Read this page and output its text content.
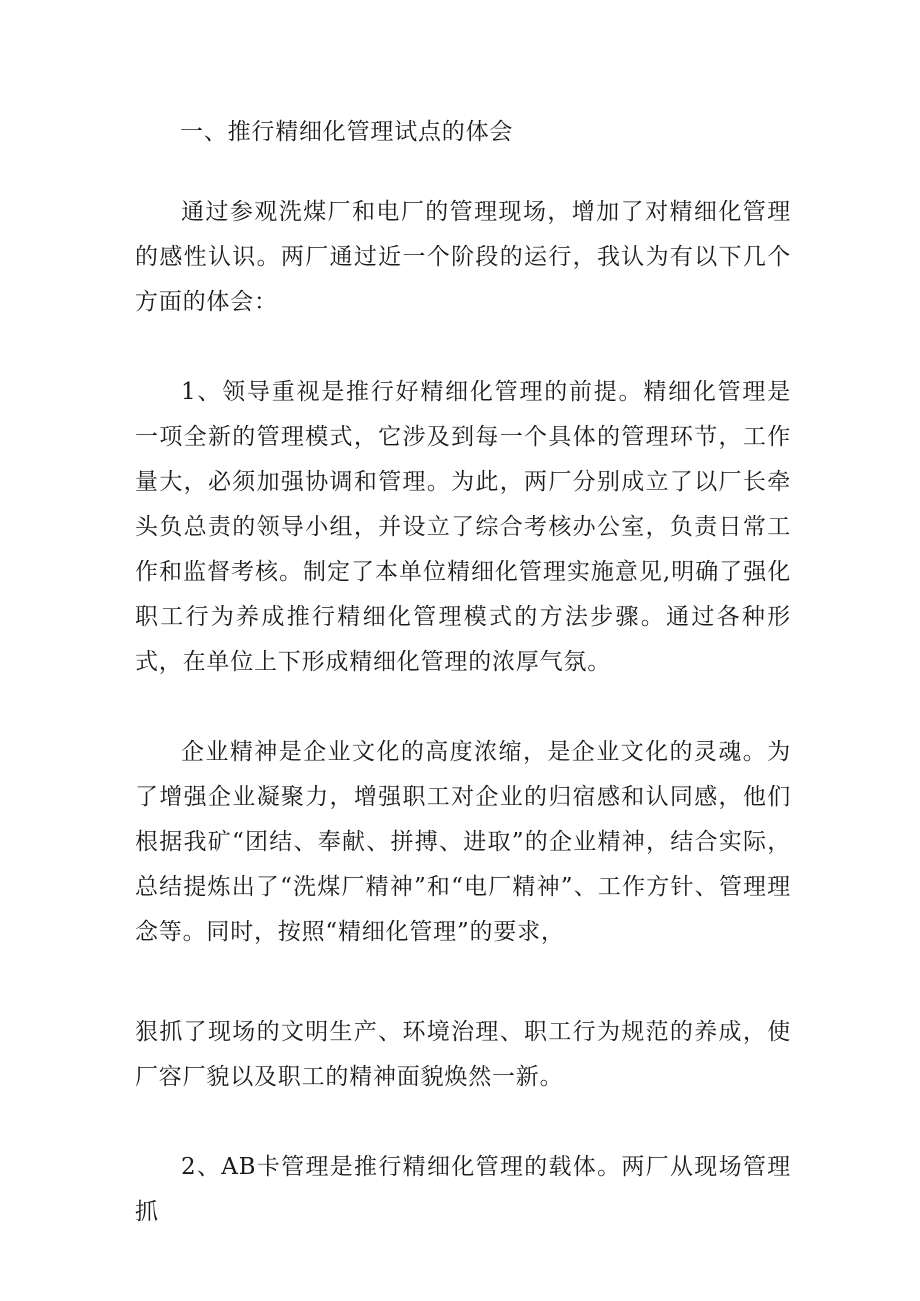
一、推行精细化管理试点的体会

通过参观洗煤厂和电厂的管理现场，增加了对精细化管理的感性认识。两厂通过近一个阶段的运行，我认为有以下几个方面的体会：

1、领导重视是推行好精细化管理的前提。精细化管理是一项全新的管理模式，它涉及到每一个具体的管理环节，工作量大，必须加强协调和管理。为此，两厂分别成立了以厂长牵头负总责的领导小组，并设立了综合考核办公室，负责日常工作和监督考核。制定了本单位精细化管理实施意见,明确了强化职工行为养成推行精细化管理模式的方法步骤。通过各种形式，在单位上下形成精细化管理的浓厚气氛。

企业精神是企业文化的高度浓缩，是企业文化的灵魂。为了增强企业凝聚力，增强职工对企业的归宿感和认同感，他们根据我矿“团结、奉献、拼搏、进取”的企业精神，结合实际，总结提炼出了“洗煤厂精神”和“电厂精神”、工作方针、管理理念等。同时，按照“精细化管理”的要求，

狠抓了现场的文明生产、环境治理、职工行为规范的养成，使厂容厂貌以及职工的精神面貌焕然一新。

2、AB卡管理是推行精细化管理的载体。两厂从现场管理抓
